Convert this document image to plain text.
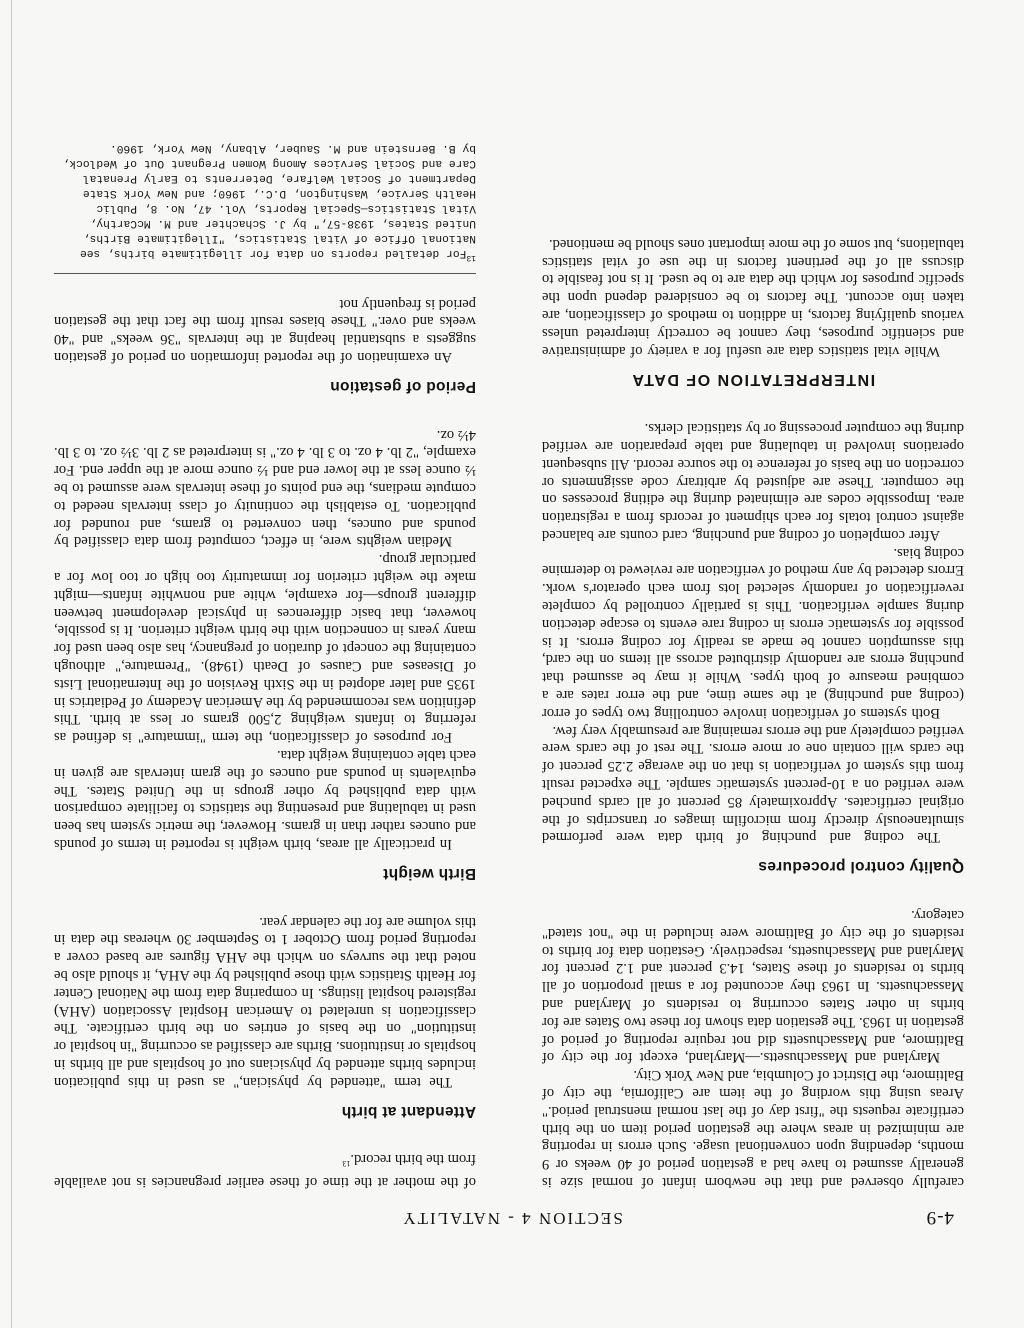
4-9
SECTION 4 - NATALITY

carefully observed and that the newborn infant of normal size is generally assumed to have had a gestation period of 40 weeks or 9 months, depending upon conventional usage. Such errors in reporting are minimized in areas where the gestation period item on the birth certificate requests the "first day of the last normal menstrual period." Areas using this wording of the item are California, the city of Baltimore, the District of Columbia, and New York City.

Maryland and Massachusetts.—Maryland, except for the city of Baltimore, and Massachusetts did not require reporting of period of gestation in 1963. The gestation data shown for these two States are for births in other States occurring to residents of Maryland and Massachusetts. In 1963 they accounted for a small proportion of all births to residents of these States, 14.3 percent and 1.2 percent for Maryland and Massachusetts, respectively. Gestation data for births to residents of the city of Baltimore were included in the "not stated" category.

Quality control procedures

The coding and punching of birth data were performed simultaneously directly from microfilm images or transcripts of the original certificates. Approximately 85 percent of all cards punched were verified on a 10-percent systematic sample. The expected result from this system of verification is that on the average 2.25 percent of the cards will contain one or more errors. The rest of the cards were verified completely and the errors remaining are presumably very few.

Both systems of verification involve controlling two types of error (coding and punching) at the same time, and the error rates are a combined measure of both types. While it may be assumed that punching errors are randomly distributed across all items on the card, this assumption cannot be made as readily for coding errors. It is possible for systematic errors in coding rare events to escape detection during sample verification. This is partially controlled by complete reverification of randomly selected lots from each operator's work. Errors detected by any method of verification are reviewed to determine coding bias.

After completion of coding and punching, card counts are balanced against control totals for each shipment of records from a registration area. Impossible codes are eliminated during the editing processes on the computer. These are adjusted by arbitrary code assignments or correction on the basis of reference to the source record. All subsequent operations involved in tabulating and table preparation are verified during the computer processing or by statistical clerks.

INTERPRETATION OF DATA

While vital statistics data are useful for a variety of administrative and scientific purposes, they cannot be correctly interpreted unless various qualifying factors, in addition to methods of classification, are taken into account. The factors to be considered depend upon the specific purposes for which the data are to be used. It is not feasible to discuss all of the pertinent factors in the use of vital statistics tabulations, but some of the more important ones should be mentioned.

of the mother at the time of these earlier pregnancies is not available from the birth record.$^{13}$

Attendant at birth

The term "attended by physician," as used in this publication includes births attended by physicians out of hospitals and all births in hospitals or institutions. Births are classified as occurring "in hospital or institution" on the basis of entries on the birth certificate. The classification is unrelated to American Hospital Association (AHA) registered hospital listings. In comparing data from the National Center for Health Statistics with those published by the AHA, it should also be noted that the surveys on which the AHA figures are based cover a reporting period from October 1 to September 30 whereas the data in this volume are for the calendar year.

Birth weight

In practically all areas, birth weight is reported in terms of pounds and ounces rather than in grams. However, the metric system has been used in tabulating and presenting the statistics to facilitate comparison with data published by other groups in the United States. The equivalents in pounds and ounces of the gram intervals are given in each table containing weight data.

For purposes of classification, the term "immature" is defined as referring to infants weighing 2,500 grams or less at birth. This definition was recommended by the American Academy of Pediatrics in 1935 and later adopted in the Sixth Revision of the International Lists of Diseases and Causes of Death (1948). "Premature," although containing the concept of duration of pregnancy, has also been used for many years in connection with the birth weight criterion. It is possible, however, that basic differences in physical development between different groups—for example, white and nonwhite infants—might make the weight criterion for immaturity too high or too low for a particular group.

Median weights were, in effect, computed from data classified by pounds and ounces, then converted to grams, and rounded for publication. To establish the continuity of class intervals needed to compute medians, the end points of these intervals were assumed to be ½ ounce less at the lower end and ½ ounce more at the upper end. For example, "2 lb. 4 oz. to 3 lb. 4 oz." is interpreted as 2 lb. 3½ oz. to 3 lb. 4½ oz.

Period of gestation

An examination of the reported information on period of gestation suggests a substantial heaping at the intervals "36 weeks" and "40 weeks and over." These biases result from the fact that the gestation period is frequently not

$^{13}$For detailed reports on data for illegitimate births, see National Office of Vital Statistics, "Illegitimate Births, United States, 1938-57," by J. Schachter and M. McCarthy, Vital Statistics—Special Reports, Vol. 47, No. 8, Public Health Service, Washington, D.C., 1960; and New York State Department of Social Welfare, Deterrents to Early Prenatal Care and Social Services Among Women Pregnant Out of Wedlock, by B. Bernstein and M. Sauber, Albany, New York, 1960.
